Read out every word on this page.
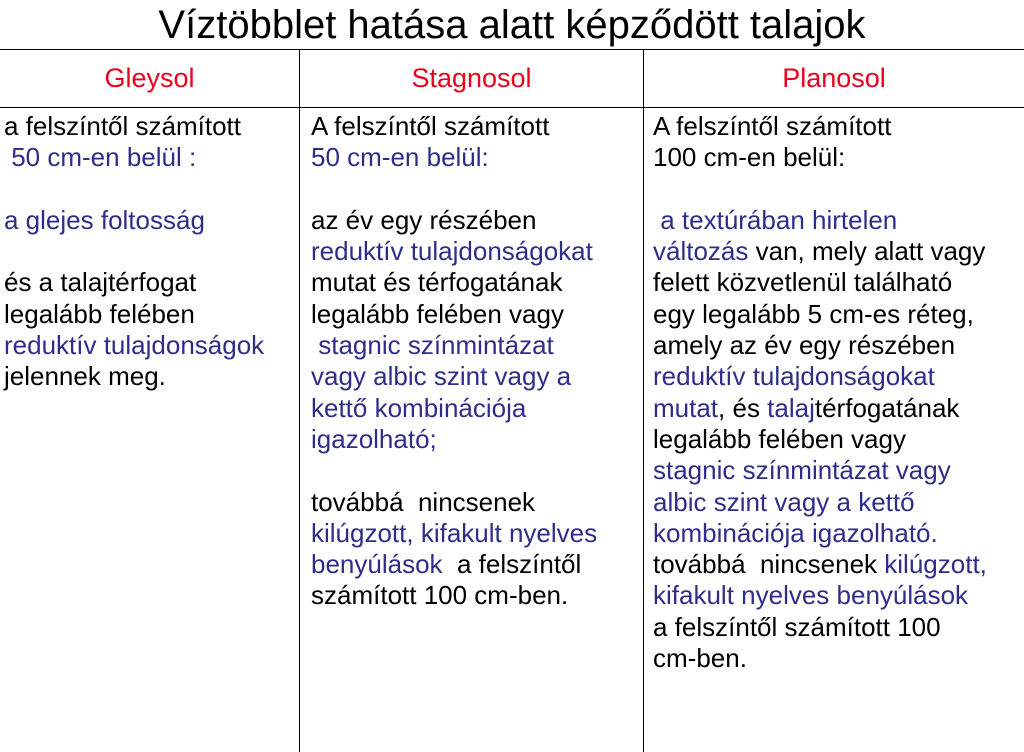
Víztöbblet hatása alatt képződött talajok
Gleysol	Stagnosol	Planosol
a felszíntől számított
50 cm-en belül :
a glejes foltosság
és a talajtérfogat
legalább felében
reduktív tulajdonságok
jelennek meg.
A felszíntől számított
50 cm-en belül:
az év egy részében
reduktív tulajdonságokat
mutat és térfogatának
legalább felében vagy
stagnic színmintázat
vagy albic szint vagy a
kettő kombinációja
igazolható;
továbbá  nincsenek
kilúgzott, kifakult nyelves
benyúlások  a felszíntől
számított 100 cm-ben.
A felszíntől számított
100 cm-en belül:
a textúrában hirtelen
változás van, mely alatt vagy
felett közvetlenül található
egy legalább 5 cm-es réteg,
amely az év egy részében
reduktív tulajdonságokat
mutat, és talajtérfogatának
legalább felében vagy
stagnic színmintázat vagy
albic szint vagy a kettő
kombinációja igazolható.
továbbá  nincsenek kilúgzott,
kifakult nyelves benyúlások
a felszíntől számított 100
cm-ben.
